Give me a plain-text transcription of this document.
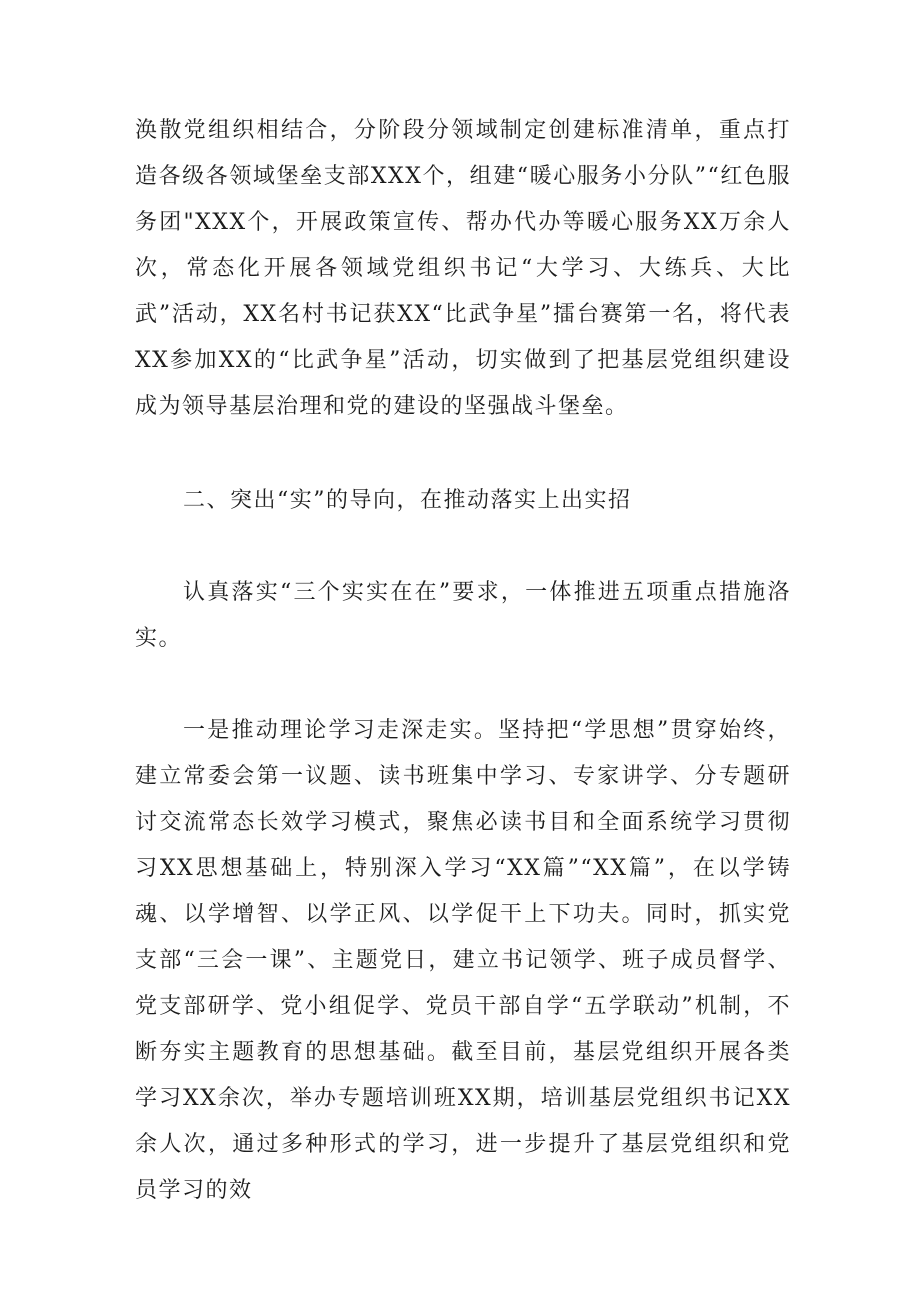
涣散党组织相结合，分阶段分领域制定创建标准清单，重点打造各级各领域堡垒支部XXX个，组建“暖心服务小分队”“红色服务团"XXX个，开展政策宣传、帮办代办等暖心服务XX万余人次，常态化开展各领域党组织书记“大学习、大练兵、大比武”活动，XX名村书记获XX“比武争星”擂台赛第一名，将代表XX参加XX的“比武争星”活动，切实做到了把基层党组织建设成为领导基层治理和党的建设的坚强战斗堡垒。

二、突出“实”的导向，在推动落实上出实招

认真落实“三个实实在在”要求，一体推进五项重点措施洛实。

一是推动理论学习走深走实。坚持把“学思想”贯穿始终，建立常委会第一议题、读书班集中学习、专家讲学、分专题研讨交流常态长效学习模式，聚焦必读书目和全面系统学习贯彻习XX思想基础上，特别深入学习“XX篇”“XX篇”，在以学铸魂、以学增智、以学正风、以学促干上下功夫。同时，抓实党支部“三会一课”、主题党日，建立书记领学、班子成员督学、党支部研学、党小组促学、党员干部自学“五学联动”机制，不断夯实主题教育的思想基础。截至目前，基层党组织开展各类学习XX余次，举办专题培训班XX期，培训基层党组织书记XX余人次，通过多种形式的学习，进一步提升了基层党组织和党员学习的效
